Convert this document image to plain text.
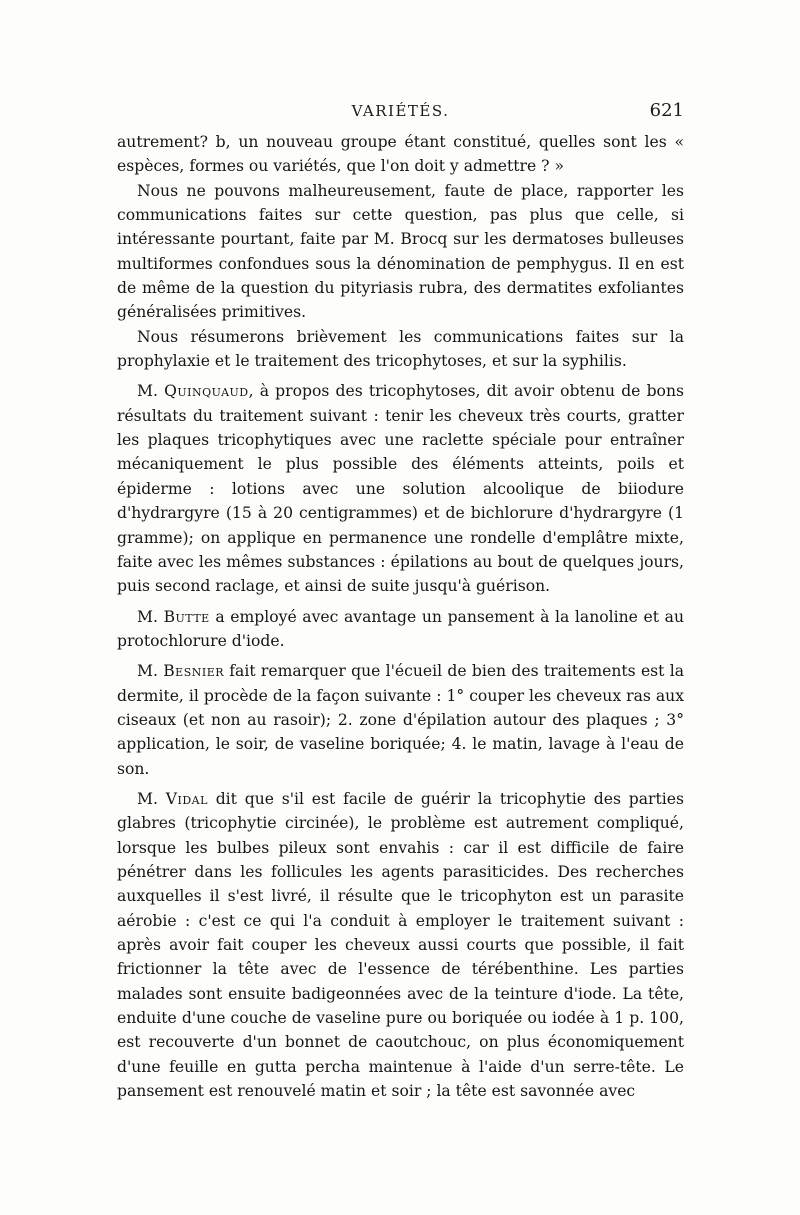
VARIÉTÉS.	621

autrement? b, un nouveau groupe étant constitué, quelles sont les « espèces, formes ou variétés, que l'on doit y admettre ? »

Nous ne pouvons malheureusement, faute de place, rapporter les communications faites sur cette question, pas plus que celle, si intéressante pourtant, faite par M. Brocq sur les dermatoses bulleuses multiformes confondues sous la dénomination de pemphygus. Il en est de même de la question du pityriasis rubra, des dermatites exfoliantes généralisées primitives.

Nous résumerons brièvement les communications faites sur la prophylaxie et le traitement des tricophytoses, et sur la syphilis.

M. Quinquaud, à propos des tricophytoses, dit avoir obtenu de bons résultats du traitement suivant : tenir les cheveux très courts, gratter les plaques tricophytiques avec une raclette spéciale pour entraîner mécaniquement le plus possible des éléments atteints, poils et épiderme : lotions avec une solution alcoolique de biiodure d'hydrargyre (15 à 20 centigrammes) et de bichlorure d'hydrargyre (1 gramme); on applique en permanence une rondelle d'emplâtre mixte, faite avec les mêmes substances : épilations au bout de quelques jours, puis second raclage, et ainsi de suite jusqu'à guérison.

M. Butte a employé avec avantage un pansement à la lanoline et au protochlorure d'iode.

M. Besnier fait remarquer que l'écueil de bien des traitements est la dermite, il procède de la façon suivante : 1° couper les cheveux ras aux ciseaux (et non au rasoir); 2. zone d'épilation autour des plaques ; 3° application, le soir, de vaseline boriquée; 4. le matin, lavage à l'eau de son.

M. Vidal dit que s'il est facile de guérir la tricophytie des parties glabres (tricophytie circinée), le problème est autrement compliqué, lorsque les bulbes pileux sont envahis : car il est difficile de faire pénétrer dans les follicules les agents parasiticides. Des recherches auxquelles il s'est livré, il résulte que le tricophyton est un parasite aérobie : c'est ce qui l'a conduit à employer le traitement suivant : après avoir fait couper les cheveux aussi courts que possible, il fait frictionner la tête avec de l'essence de térébenthine. Les parties malades sont ensuite badigeonnées avec de la teinture d'iode. La tête, enduite d'une couche de vaseline pure ou boriquée ou iodée à 1 p. 100, est recouverte d'un bonnet de caoutchouc, on plus économiquement d'une feuille en gutta percha maintenue à l'aide d'un serre-tête. Le pansement est renouvelé matin et soir ; la tête est savonnée avec
